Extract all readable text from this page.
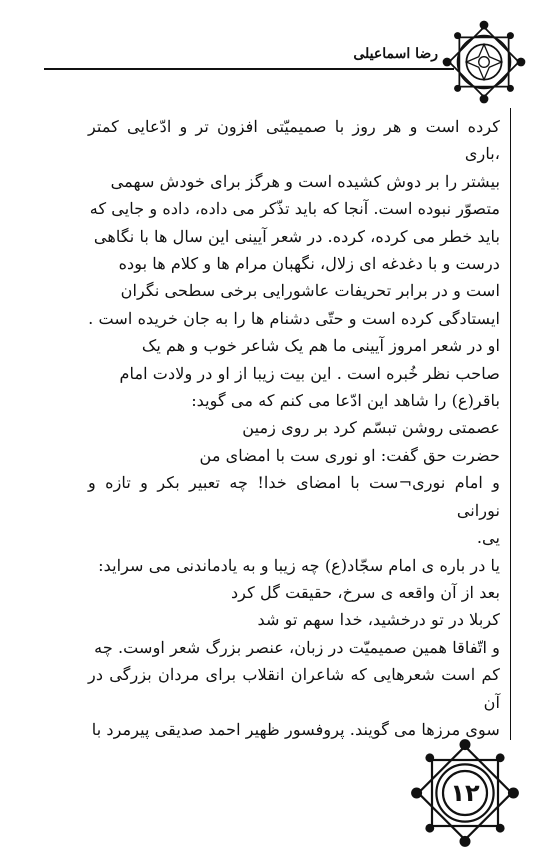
رضا اسماعیلی

کرده است و هر روز با صمیمیّتی افزون تر و ادّعایی کمتر ،باری

بیشتر را بر دوش کشیده است و هرگز برای خودش سهمی

متصوّر نبوده است. آنجا که باید تذّکر می داده، داده و جایی که

باید خطر می کرده، کرده. در شعر آیینی این سال ها با نگاهی

درست و با دغدغه ای زلال، نگهبان مرام ها و کلام ها بوده

است و در برابر تحریفات عاشورایی برخی سطحی نگران

ایستادگی کرده است و حتّی دشنام ها را به جان خریده است .

او در شعر امروز آیینی ما هم یک شاعر خوب و هم یک

صاحب نظر خُبره است . این بیت زیبا از او در ولادت امام

باقر(ع) را شاهد این ادّعا می کنم که می گوید:

عصمتی روشن تبسّم کرد بر روی زمین

حضرت حق گفت: او نوری ست با امضای من

و امام نوری¬ست با امضای خدا! چه تعبیر بکر و تازه و نورانی

یی.

یا در باره ی امام سجّاد(ع) چه زیبا و به یادماندنی می سراید:

بعد از آن واقعه ی سرخ، حقیقت گل کرد

کربلا در تو درخشید، خدا سهم تو شد

و اتّفاقا همین صمیمیّت در زبان، عنصر بزرگ شعر اوست. چه

کم است شعرهایی که شاعران انقلاب برای مردان بزرگی در آن

سوی مرزها می گویند. پروفسور ظهیر احمد صدیقی پیرمرد با

۱۲
